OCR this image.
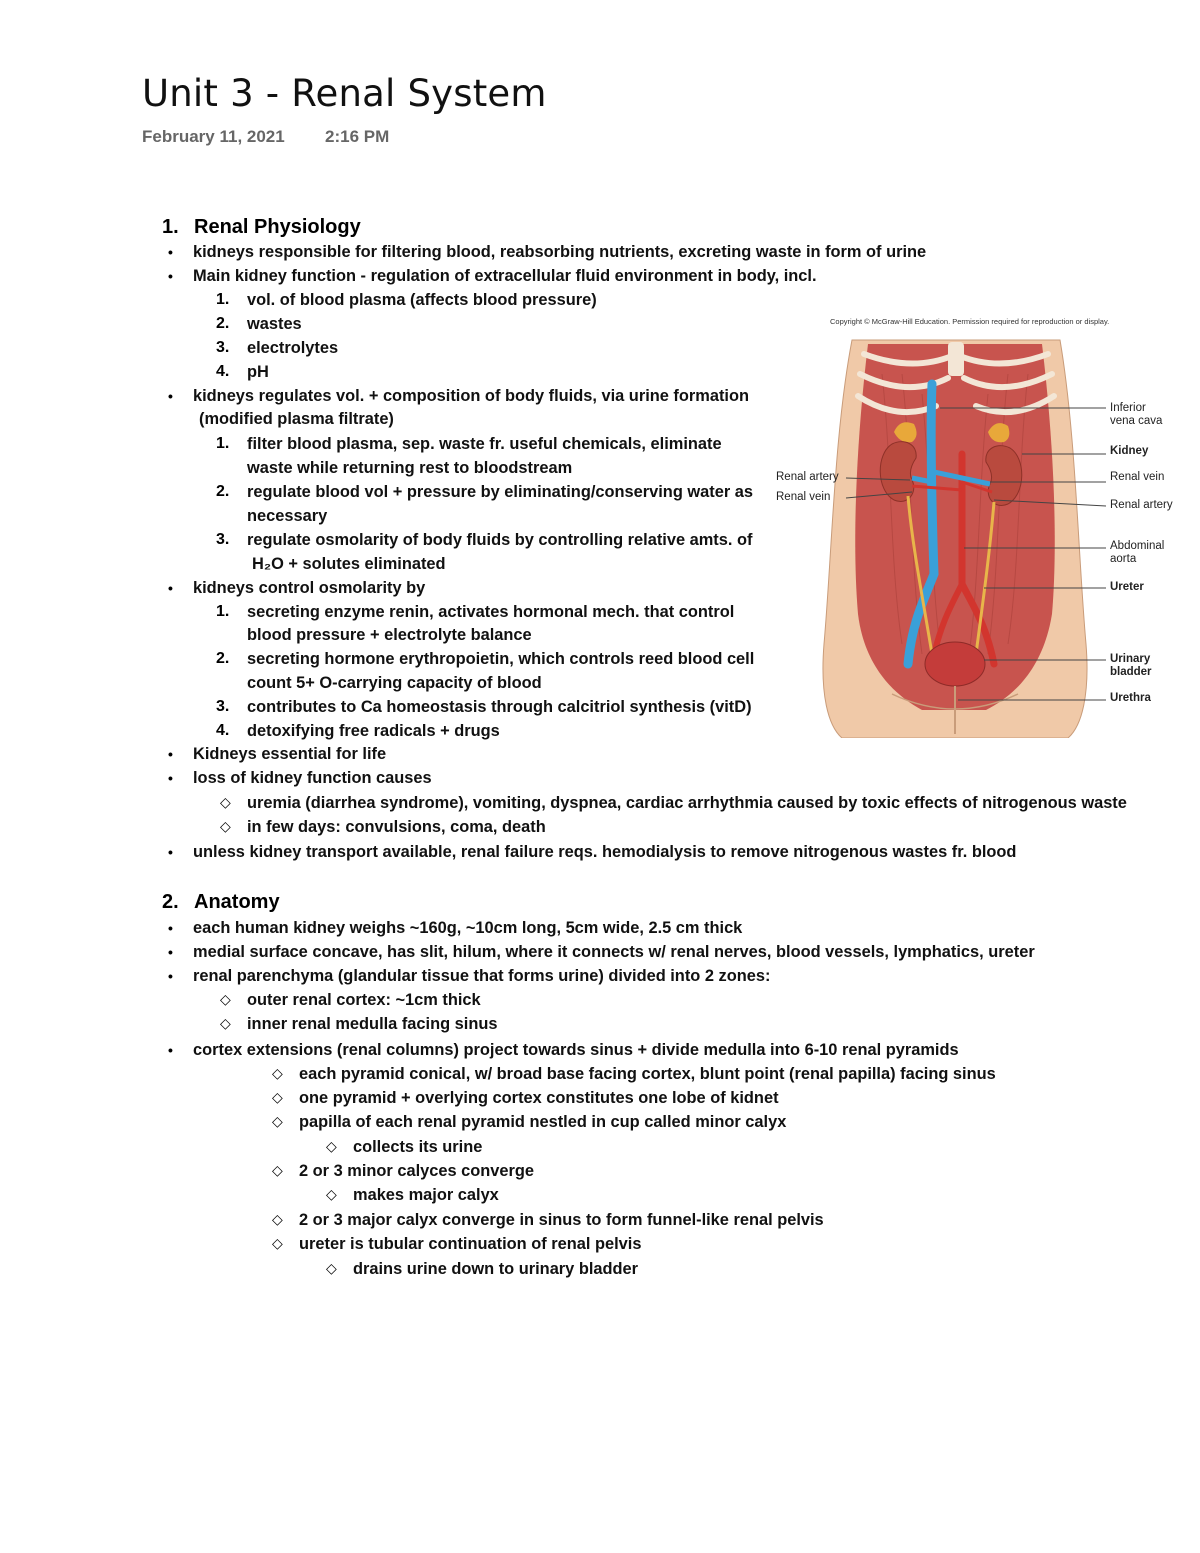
Unit 3 - Renal System
February 11, 2021 2:16 PM
1. Renal Physiology
• kidneys responsible for filtering blood, reabsorbing nutrients, excreting waste in form of urine
• Main kidney function - regulation of extracellular fluid environment in body, incl.
1. vol. of blood plasma (affects blood pressure)
2. wastes
3. electrolytes
4. pH
• kidneys regulates vol. + composition of body fluids, via urine formation
(modified plasma filtrate)
1. filter blood plasma, sep. waste fr. useful chemicals, eliminate
waste while returning rest to bloodstream
2. regulate blood vol + pressure by eliminating/conserving water as
necessary
3. regulate osmolarity of body fluids by controlling relative amts. of
H₂O + solutes eliminated
• kidneys control osmolarity by
1. secreting enzyme renin, activates hormonal mech. that control
blood pressure + electrolyte balance
2. secreting hormone erythropoietin, which controls reed blood cell
count 5+ O-carrying capacity of blood
3. contributes to Ca homeostasis through calcitriol synthesis (vitD)
4. detoxifying free radicals + drugs
• Kidneys essential for life
• loss of kidney function causes
◇ uremia (diarrhea syndrome), vomiting, dyspnea, cardiac arrhythmia caused by toxic effects of nitrogenous waste
◇ in few days: convulsions, coma, death
• unless kidney transport available, renal failure reqs. hemodialysis to remove nitrogenous wastes fr. blood
2. Anatomy
• each human kidney weighs ~160g, ~10cm long, 5cm wide, 2.5 cm thick
• medial surface concave, has slit, hilum, where it connects w/ renal nerves, blood vessels, lymphatics, ureter
• renal parenchyma (glandular tissue that forms urine) divided into 2 zones:
◇ outer renal cortex: ~1cm thick
◇ inner renal medulla facing sinus
• cortex extensions (renal columns) project towards sinus + divide medulla into 6-10 renal pyramids
◇ each pyramid conical, w/ broad base facing cortex, blunt point (renal papilla) facing sinus
◇ one pyramid + overlying cortex constitutes one lobe of kidnet
◇ papilla of each renal pyramid nestled in cup called minor calyx
◇ collects its urine
◇ 2 or 3 minor calyces converge
◇ makes major calyx
◇ 2 or 3 major calyx converge in sinus to form funnel-like renal pelvis
◇ ureter is tubular continuation of renal pelvis
◇ drains urine down to urinary bladder
Copyright © McGraw-Hill Education. Permission required for reproduction or display.
Inferior
vena cava
Kidney
Renal vein
Renal artery
Abdominal
aorta
Ureter
Urinary
bladder
Urethra
Renal artery
Renal vein
